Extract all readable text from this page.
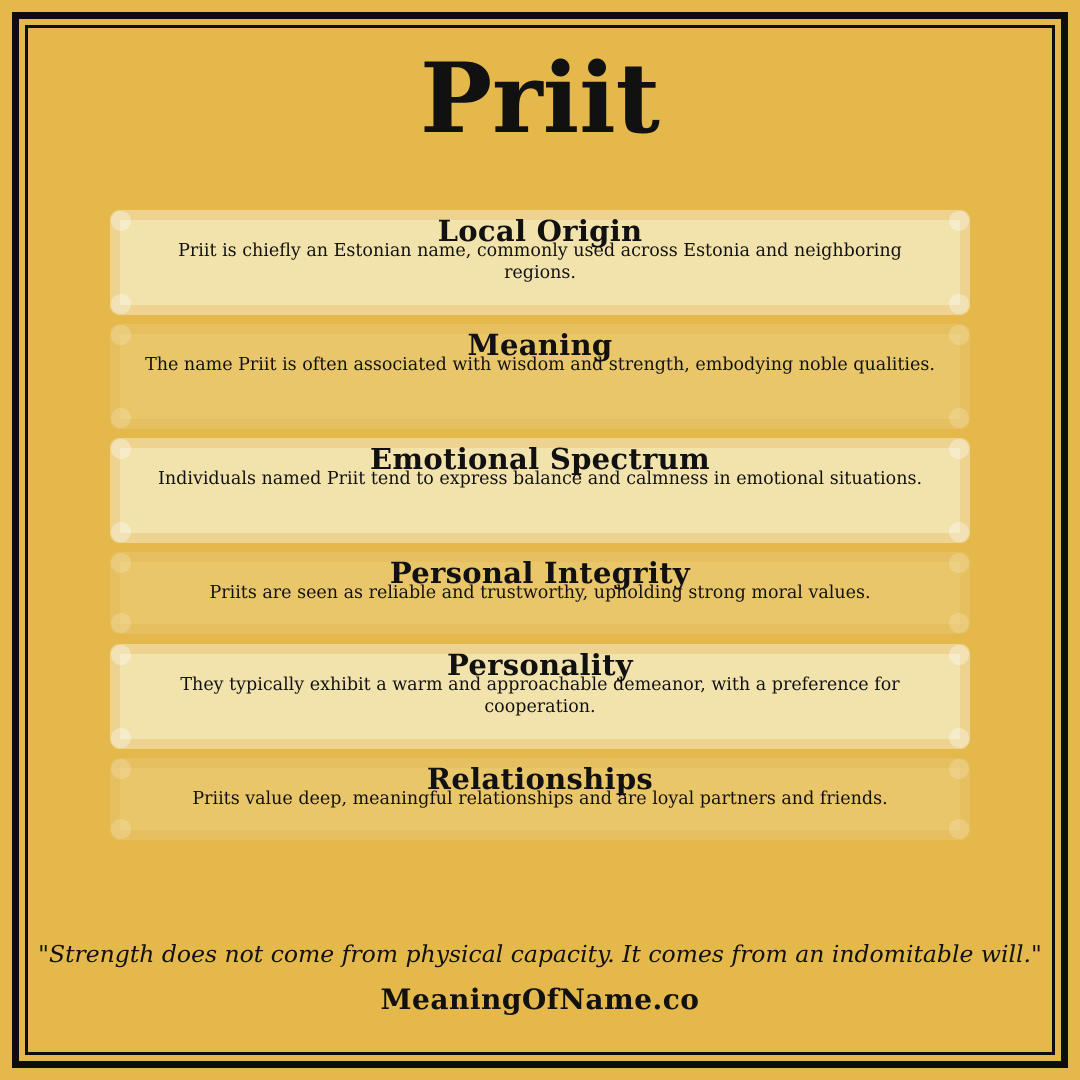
Priit
Local Origin

Priit is chiefly an Estonian name, commonly used across Estonia and neighboring regions.

Meaning

The name Priit is often associated with wisdom and strength, embodying noble qualities.

Emotional Spectrum

Individuals named Priit tend to express balance and calmness in emotional situations.

Personal Integrity

Priits are seen as reliable and trustworthy, upholding strong moral values.

Personality

They typically exhibit a warm and approachable demeanor, with a preference for cooperation.

Relationships

Priits value deep, meaningful relationships and are loyal partners and friends.

"Strength does not come from physical capacity. It comes from an indomitable will."
MeaningOfName.co
